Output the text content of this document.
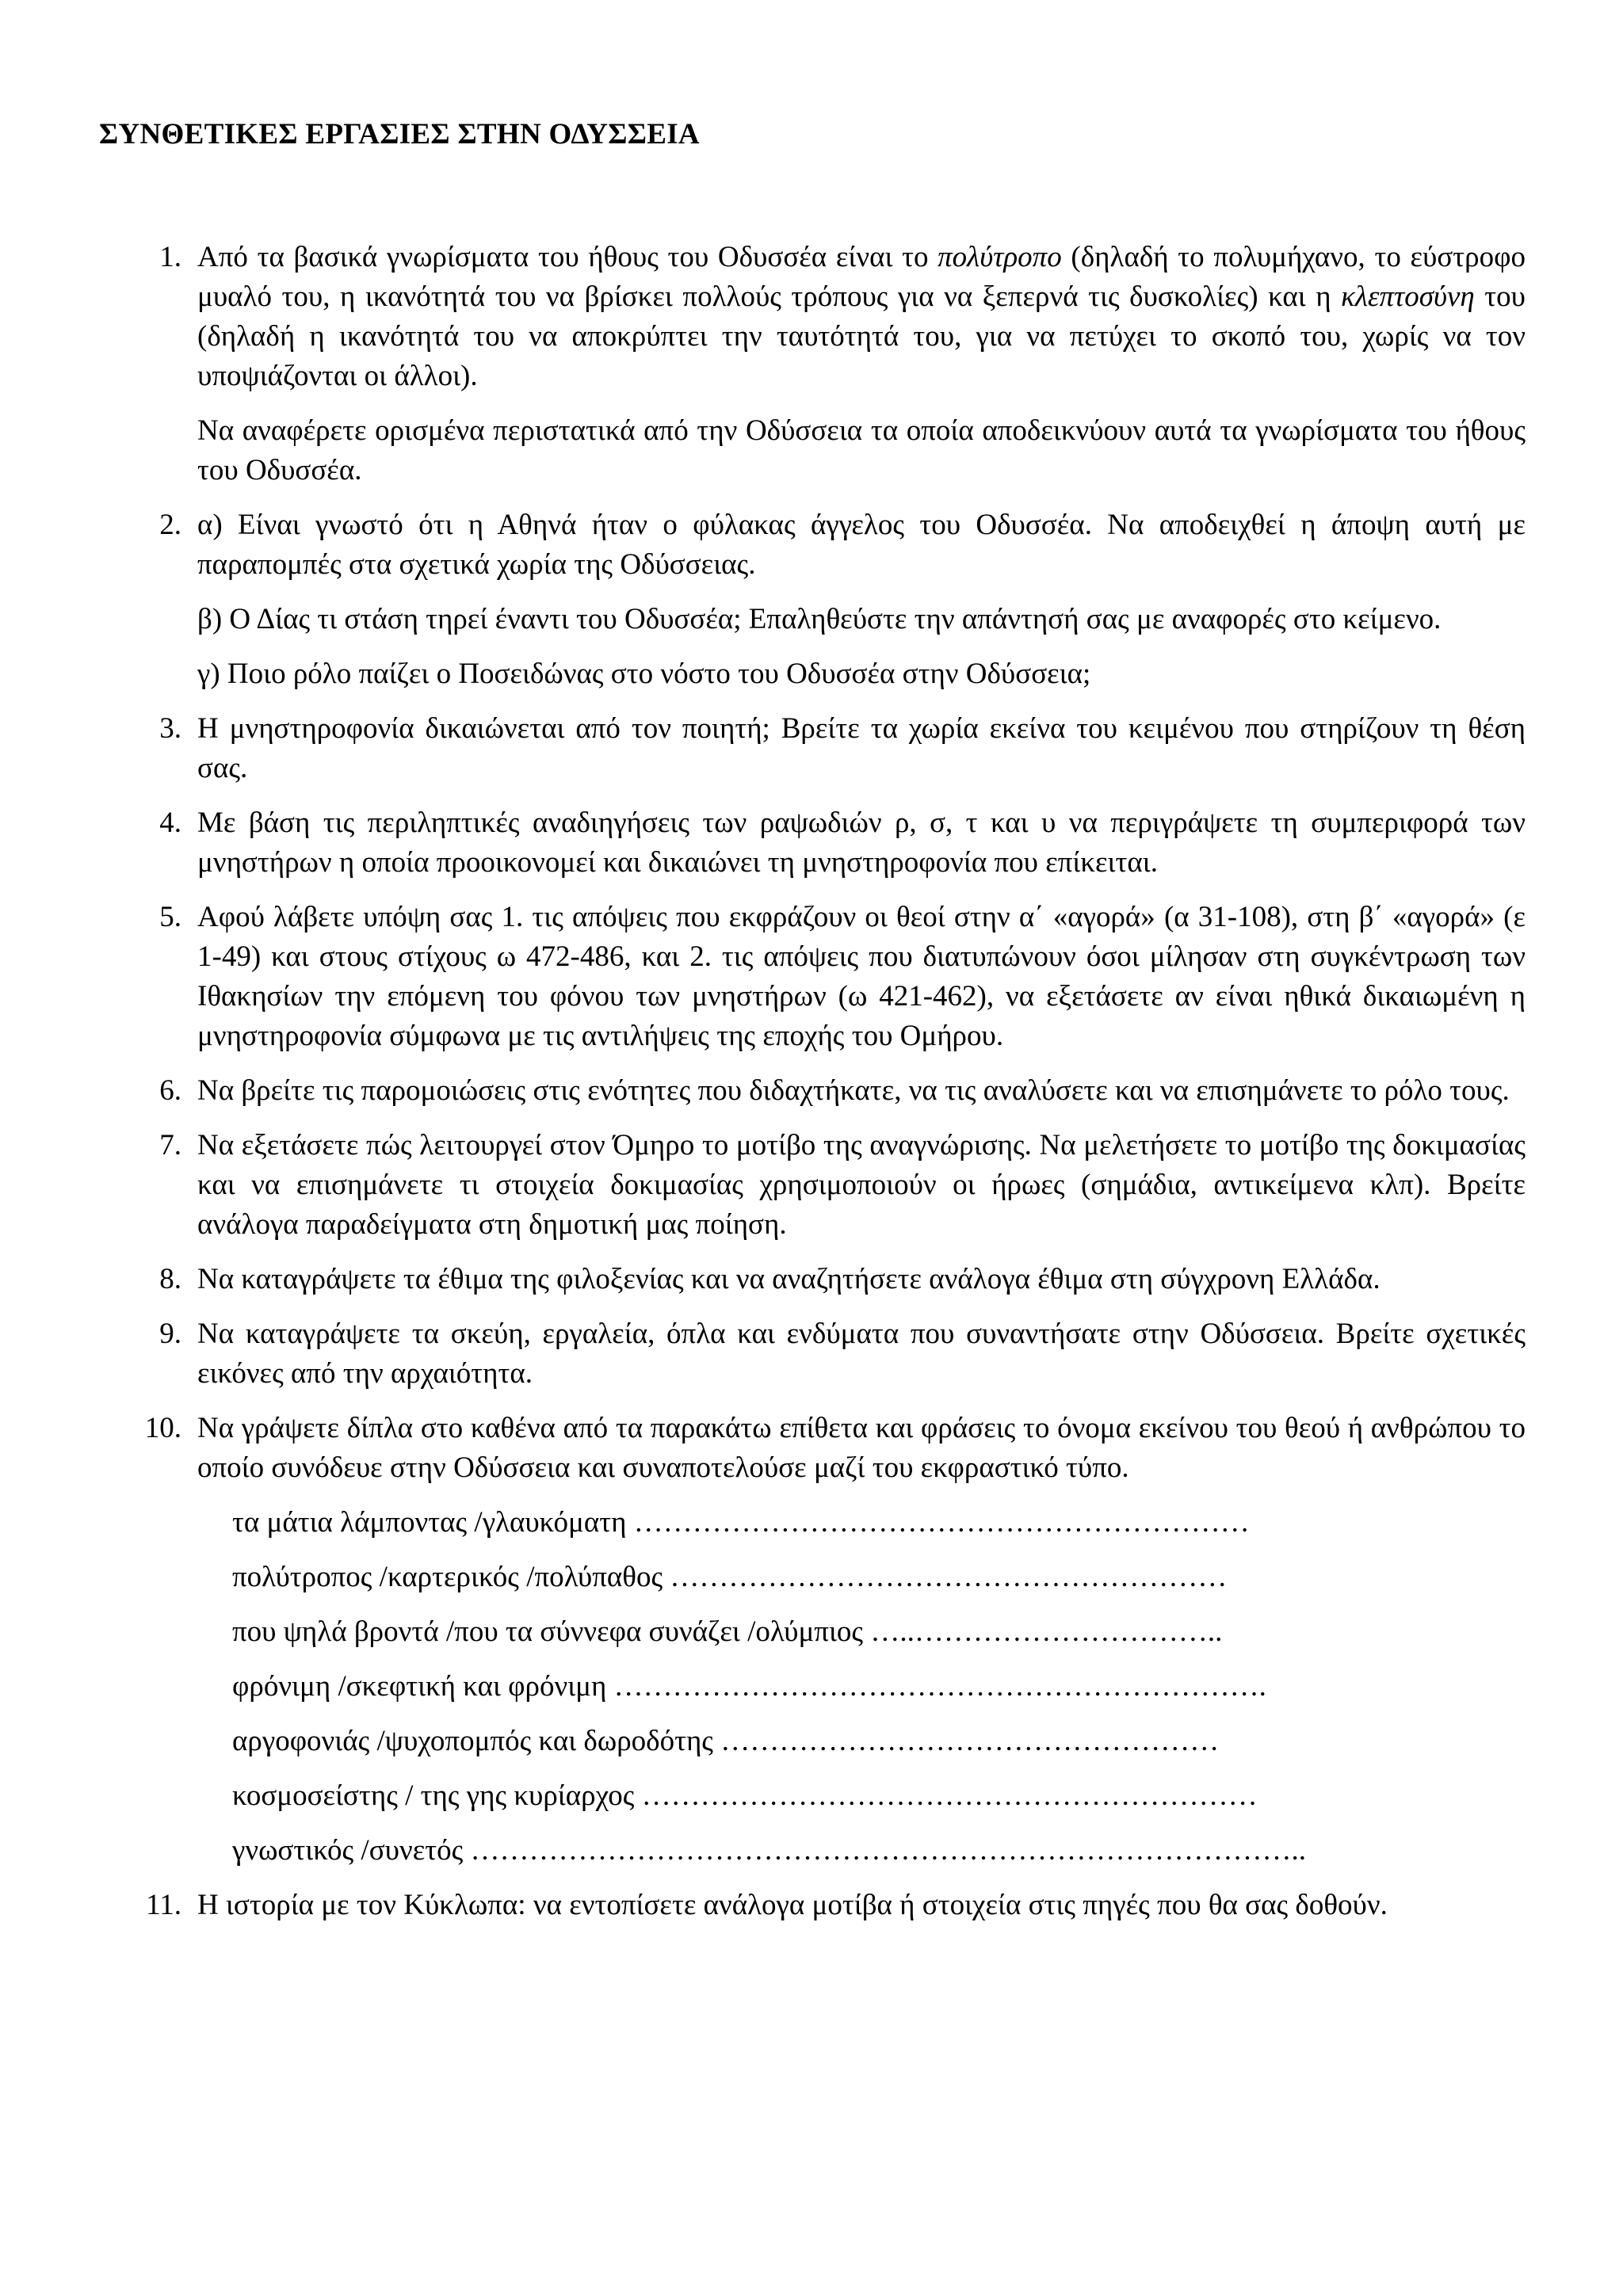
ΣΥΝΘΕΤΙΚΕΣ ΕΡΓΑΣΙΕΣ ΣΤΗΝ ΟΔΥΣΣΕΙΑ
1. Από τα βασικά γνωρίσματα του ήθους του Οδυσσέα είναι το πολύτροπο (δηλαδή το πολυμήχανο, το εύστροφο μυαλό του, η ικανότητά του να βρίσκει πολλούς τρόπους για να ξεπερνά τις δυσκολίες) και η κλεπτοσύνη του (δηλαδή η ικανότητά του να αποκρύπτει την ταυτότητά του, για να πετύχει το σκοπό του, χωρίς να τον υποψιάζονται οι άλλοι).

Να αναφέρετε ορισμένα περιστατικά από την Οδύσσεια τα οποία αποδεικνύουν αυτά τα γνωρίσματα του ήθους του Οδυσσέα.

2. α) Είναι γνωστό ότι η Αθηνά ήταν ο φύλακας άγγελος του Οδυσσέα. Να αποδειχθεί η άποψη αυτή με παραπομπές στα σχετικά χωρία της Οδύσσειας.

β) Ο Δίας τι στάση τηρεί έναντι του Οδυσσέα; Επαληθεύστε την απάντησή σας με αναφορές στο κείμενο.

γ) Ποιο ρόλο παίζει ο Ποσειδώνας στο νόστο του Οδυσσέα στην Οδύσσεια;

3. Η μνηστηροφονία δικαιώνεται από τον ποιητή; Βρείτε τα χωρία εκείνα του κειμένου που στηρίζουν τη θέση σας.

4. Με βάση τις περιληπτικές αναδιηγήσεις των ραψωδιών ρ, σ, τ και υ να περιγράψετε τη συμπεριφορά των μνηστήρων η οποία προοικονομεί και δικαιώνει τη μνηστηροφονία που επίκειται.

5. Αφού λάβετε υπόψη σας 1. τις απόψεις που εκφράζουν οι θεοί στην α΄ «αγορά» (α 31-108), στη β΄ «αγορά» (ε 1-49) και στους στίχους ω 472-486, και 2. τις απόψεις που διατυπώνουν όσοι μίλησαν στη συγκέντρωση των Ιθακησίων την επόμενη του φόνου των μνηστήρων (ω 421-462), να εξετάσετε αν είναι ηθικά δικαιωμένη η μνηστηροφονία σύμφωνα με τις αντιλήψεις της εποχής του Ομήρου.

6. Να βρείτε τις παρομοιώσεις στις ενότητες που διδαχτήκατε, να τις αναλύσετε και να επισημάνετε το ρόλο τους.

7. Να εξετάσετε πώς λειτουργεί στον Όμηρο το μοτίβο της αναγνώρισης. Να μελετήσετε το μοτίβο της δοκιμασίας και να επισημάνετε τι στοιχεία δοκιμασίας χρησιμοποιούν οι ήρωες (σημάδια, αντικείμενα κλπ). Βρείτε ανάλογα παραδείγματα στη δημοτική μας ποίηση.

8. Να καταγράψετε τα έθιμα της φιλοξενίας και να αναζητήσετε ανάλογα έθιμα στη σύγχρονη Ελλάδα.

9. Να καταγράψετε τα σκεύη, εργαλεία, όπλα και ενδύματα που συναντήσατε στην Οδύσσεια. Βρείτε σχετικές εικόνες από την αρχαιότητα.

10. Να γράψετε δίπλα στο καθένα από τα παρακάτω επίθετα και φράσεις το όνομα εκείνου του θεού ή ανθρώπου το οποίο συνόδευε στην Οδύσσεια και συναποτελούσε μαζί του εκφραστικό τύπο.

τα μάτια λάμποντας /γλαυκόματη ………………………………………………………

πολύτροπος /καρτερικός /πολύπαθος …………………………………………………

που ψηλά βροντά /που τα σύννεφα συνάζει /ολύμπιος …..…………………………..

φρόνιμη /σκεφτική και φρόνιμη ………………………………………………………….

αργοφονιάς /ψυχοπομπός και δωροδότης ……………………………………………

κοσμοσείστης / της γης κυρίαρχος ………………………………………………………

γνωστικός /συνετός …………………………………………………………………………..

11. Η ιστορία με τον Κύκλωπα: να εντοπίσετε ανάλογα μοτίβα ή στοιχεία στις πηγές που θα σας δοθούν.
